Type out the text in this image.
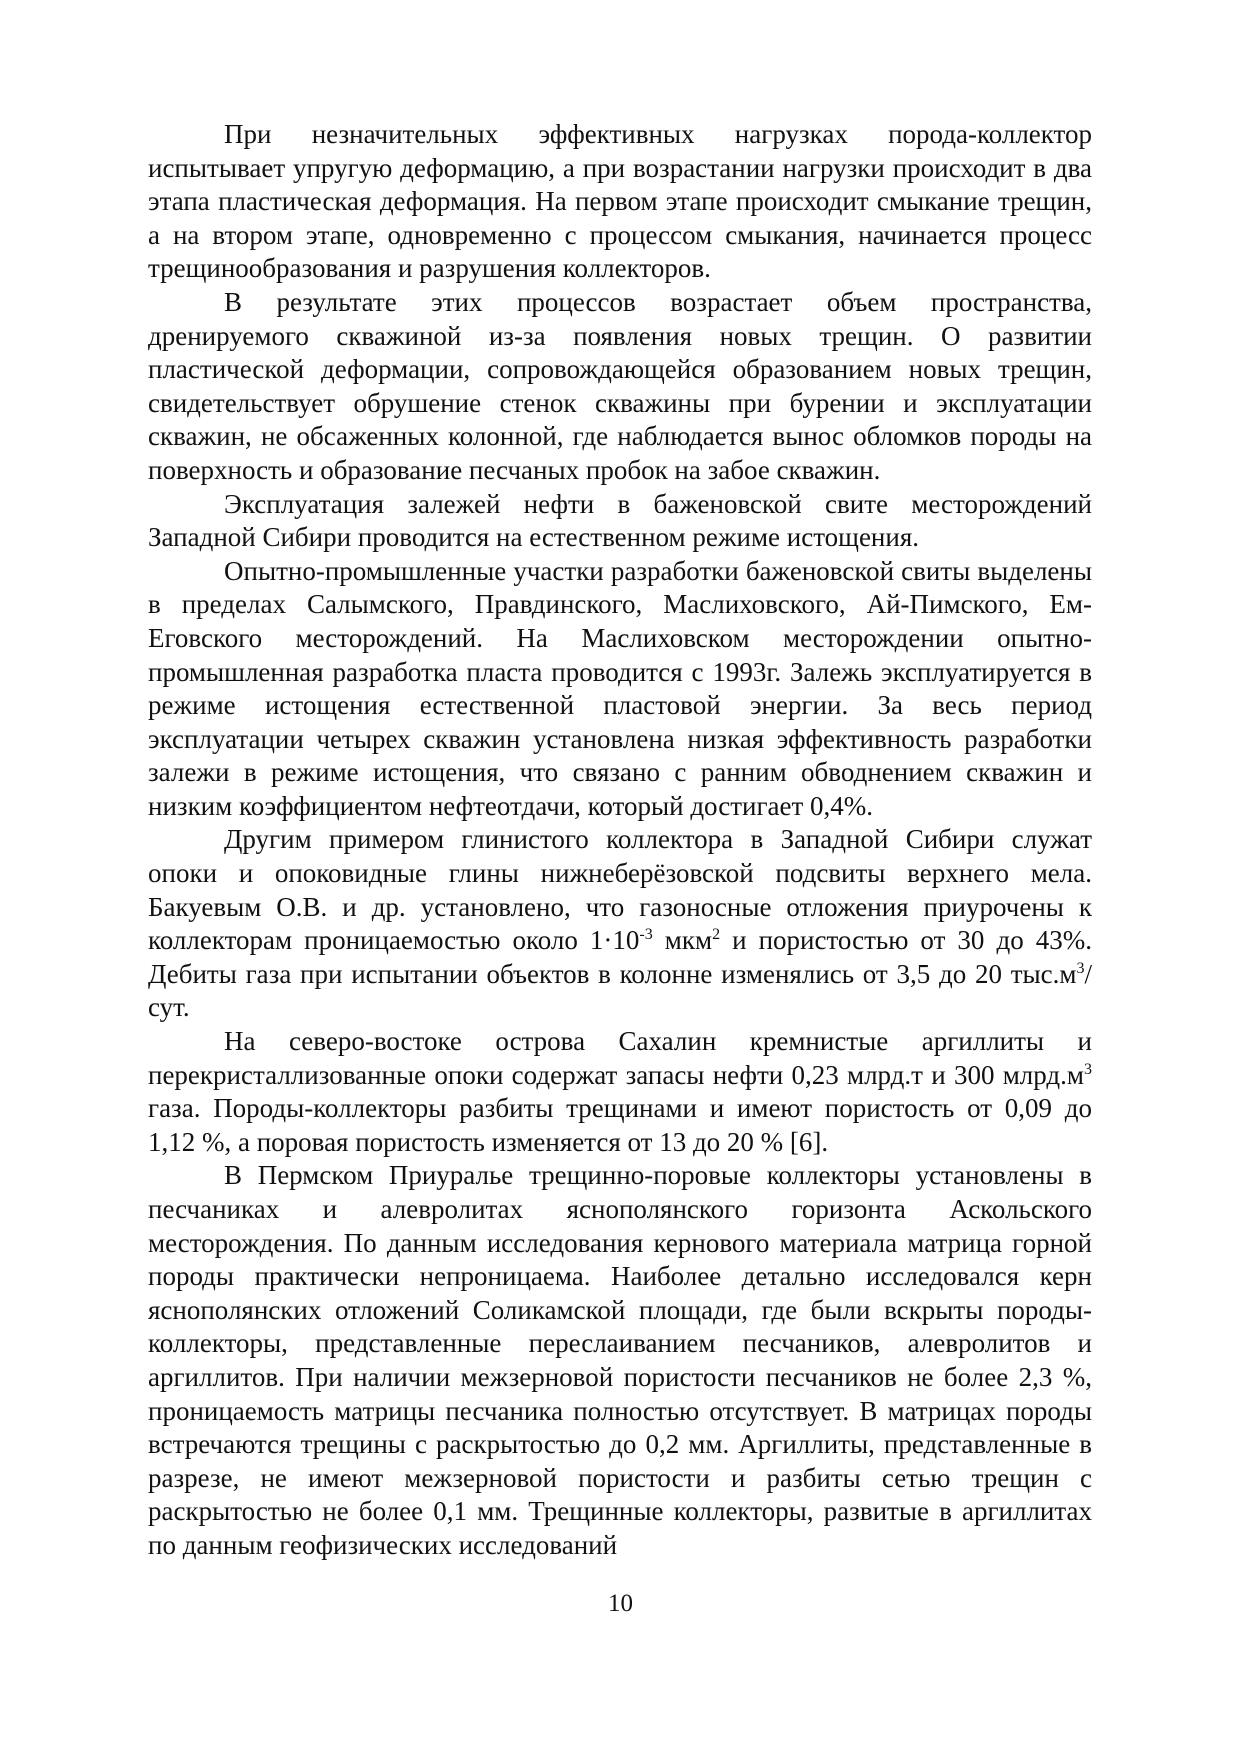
При незначительных эффективных нагрузках порода-коллектор испытывает упругую деформацию, а при возрастании нагрузки происходит в два этапа пластическая деформация. На первом этапе происходит смыкание трещин, а на втором этапе, одновременно с процессом смыкания, начинается процесс трещинообразования и разрушения коллекторов.

В результате этих процессов возрастает объем пространства, дренируемого скважиной из-за появления новых трещин. О развитии пластической деформации, сопровождающейся образованием новых трещин, свидетельствует обрушение стенок скважины при бурении и эксплуатации скважин, не обсаженных колонной, где наблюдается вынос обломков породы на поверхность и образование песчаных пробок на забое скважин.

Эксплуатация залежей нефти в баженовской свите месторождений Западной Сибири проводится на естественном режиме истощения.

Опытно-промышленные участки разработки баженовской свиты выделены в пределах Салымского, Правдинского, Маслиховского, Ай-Пимского, Ем-Еговского месторождений. На Маслиховском месторождении опытно-промышленная разработка пласта проводится с 1993г. Залежь эксплуатируется в режиме истощения естественной пластовой энергии. За весь период эксплуатации четырех скважин установлена низкая эффективность разработки залежи в режиме истощения, что связано с ранним обводнением скважин и низким коэффициентом нефтеотдачи, который достигает 0,4%.

Другим примером глинистого коллектора в Западной Сибири служат опоки и опоковидные глины нижнеберёзовской подсвиты верхнего мела. Бакуевым О.В. и др. установлено, что газоносные отложения приурочены к коллекторам проницаемостью около $1\cdot 10^{-3}$ мкм$^2$ и пористостью от 30 до 43%. Дебиты газа при испытании объектов в колонне изменялись от 3,5 до 20 $тыс.м^3$/сут.

На северо-востоке острова Сахалин кремнистые аргиллиты и перекристаллизованные опоки содержат запасы нефти 0,23 млрд.т и 300 $млрд.м^3$ газа. Породы-коллекторы разбиты трещинами и имеют пористость от 0,09 до 1,12 %, а поровая пористость изменяется от 13 до 20 % [6].

В Пермском Приуралье трещинно-поровые коллекторы установлены в песчаниках и алевролитах яснополянского горизонта Аскольского месторождения. По данным исследования кернового материала матрица горной породы практически непроницаема. Наиболее детально исследовался керн яснополянских отложений Соликамской площади, где были вскрыты породы-коллекторы, представленные переслаиванием песчаников, алевролитов и аргиллитов. При наличии межзерновой пористости песчаников не более 2,3 %, проницаемость матрицы песчаника полностью отсутствует. В матрицах породы встречаются трещины с раскрытостью до 0,2 мм. Аргиллиты, представленные в разрезе, не имеют межзерновой пористости и разбиты сетью трещин с раскрытостью не более 0,1 мм. Трещинные коллекторы, развитые в аргиллитах по данным геофизических исследований

10
